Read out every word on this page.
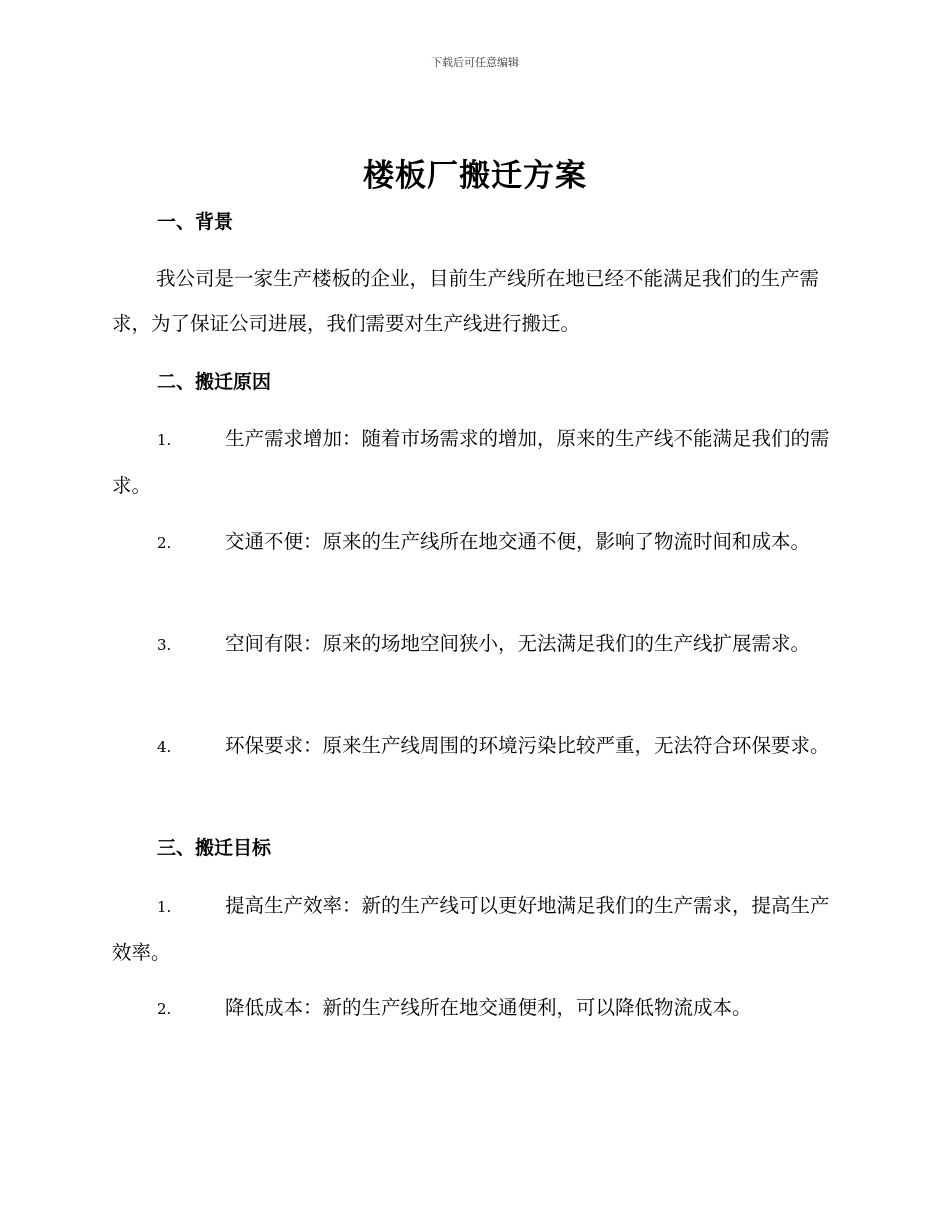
下载后可任意编辑
楼板厂搬迁方案
一、背景

我公司是一家生产楼板的企业，目前生产线所在地已经不能满足我们的生产需求，为了保证公司进展，我们需要对生产线进行搬迁。

二、搬迁原因

1.	生产需求增加：随着市场需求的增加，原来的生产线不能满足我们的需求。

2.	交通不便：原来的生产线所在地交通不便，影响了物流时间和成本。

3.	空间有限：原来的场地空间狭小，无法满足我们的生产线扩展需求。

4.	环保要求：原来生产线周围的环境污染比较严重，无法符合环保要求。

三、搬迁目标

1.	提高生产效率：新的生产线可以更好地满足我们的生产需求，提高生产效率。

2.	降低成本：新的生产线所在地交通便利，可以降低物流成本。
